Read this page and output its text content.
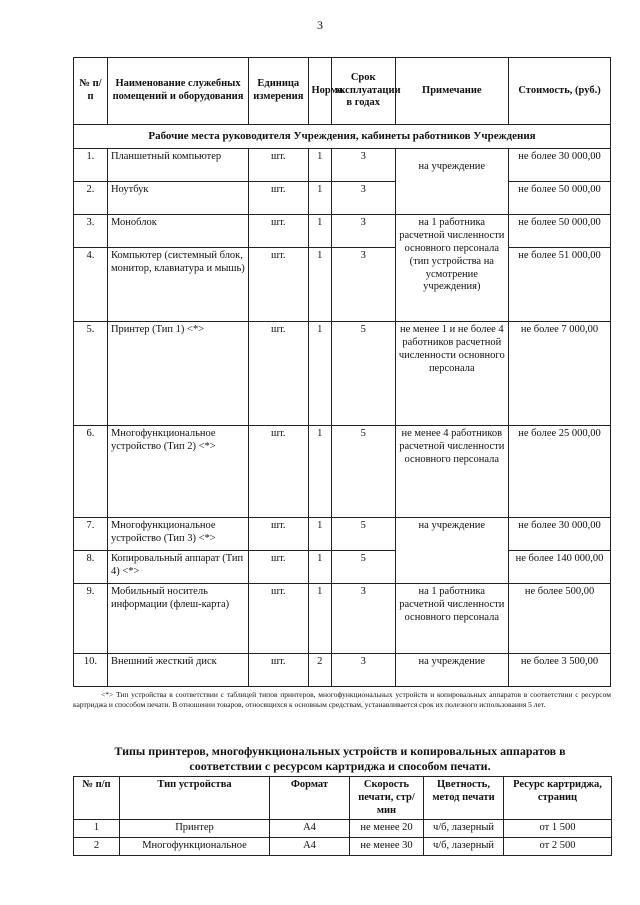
3
№ п/п	Наименование служебных помещений и оборудования	Единица измерения	Норма	Срок эксплуатации в годах	Примечание	Стоимость, (руб.)
Рабочие места руководителя Учреждения, кабинеты работников Учреждения						
1.	Планшетный компьютер	шт.	1	3	на учреждение	не более 30 000,00
2.	Ноутбук	шт.	1	3		не более 50 000,00
3.	Моноблок	шт.	1	3	на 1 работника расчетной численности основного персонала (тип устройства на усмотрение учреждения)	не более 50 000,00
4.	Компьютер (системный блок, монитор, клавиатура и мышь)	шт.	1	3		не более 51 000,00
5.	Принтер (Тип 1) <*>	шт.	1	5	не менее 1 и не более 4 работников расчетной численности основного персонала	не более 7 000,00
6.	Многофункциональное устройство (Тип 2) <*>	шт.	1	5	не менее 4 работников расчетной численности основного персонала	не более 25 000,00
7.	Многофункциональное устройство (Тип 3) <*>	шт.	1	5	на учреждение	не более 30 000,00
8.	Копировальный аппарат (Тип 4) <*>	шт.	1	5		не более 140 000,00
9.	Мобильный носитель информации (флеш-карта)	шт.	1	3	на 1 работника расчетной численности основного персонала	не более 500,00
10.	Внешний жесткий диск	шт.	2	3	на учреждение	не более 3 500,00
<*> Тип устройства в соответствии с таблицей типов принтеров, многофункциональных устройств и копировальных аппаратов в соответствии с ресурсом картриджа и способом печати. В отношении товаров, относящихся к основным средствам, устанавливается срок их полезного использования 5 лет.
Типы принтеров, многофункциональных устройств и копировальных аппаратов в соответствии с ресурсом картриджа и способом печати.
№ п/п	Тип устройства	Формат	Скорость печати, стр/мин	Цветность, метод печати	Ресурс картриджа, страниц
1	Принтер	А4	не менее 20	ч/б, лазерный	от 1 500
2	Многофункциональное	А4	не менее 30	ч/б, лазерный	от 2 500
